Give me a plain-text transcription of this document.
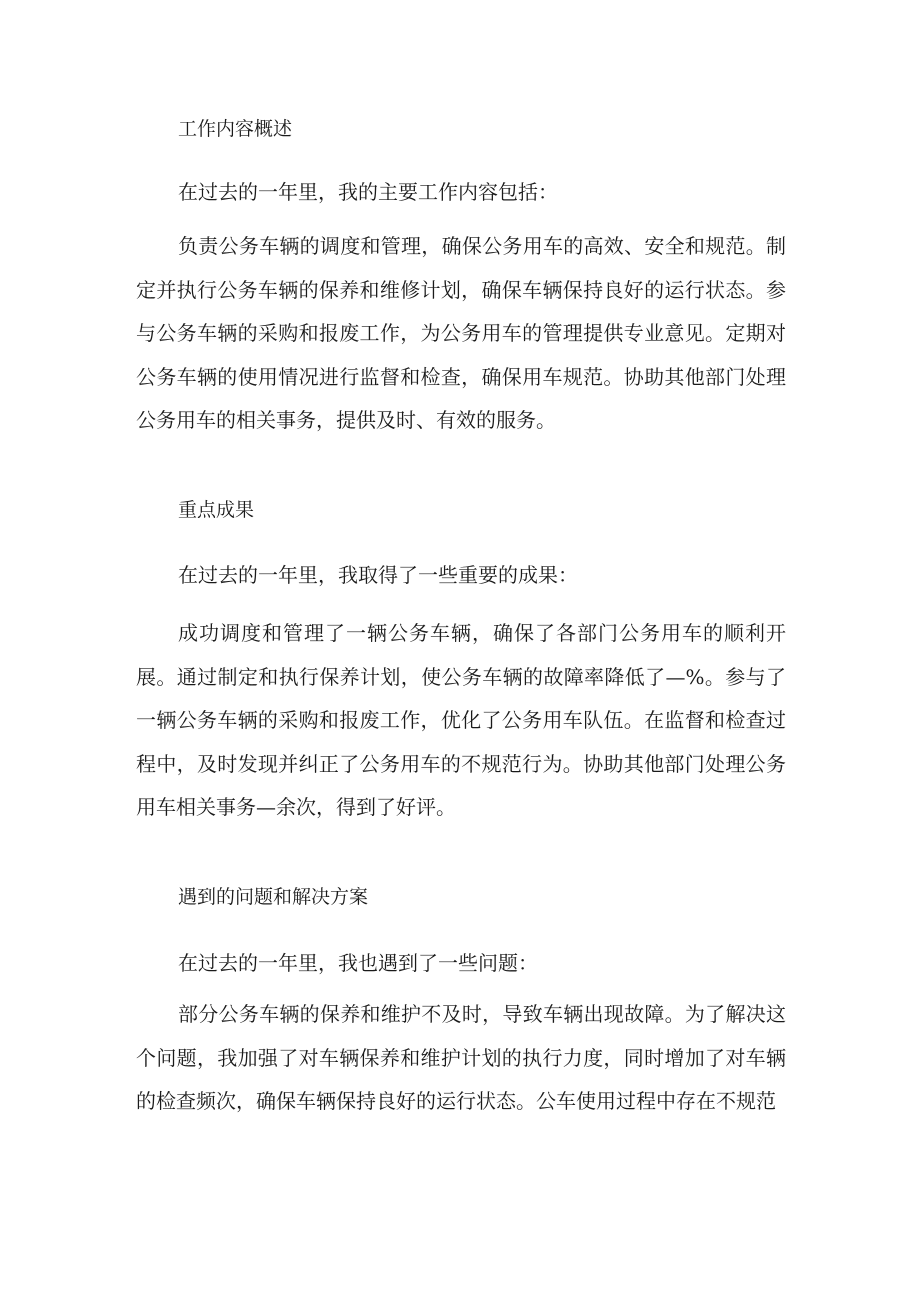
工作内容概述
在过去的一年里，我的主要工作内容包括：

负责公务车辆的调度和管理，确保公务用车的高效、安全和规范。制定并执行公务车辆的保养和维修计划，确保车辆保持良好的运行状态。参与公务车辆的采购和报废工作，为公务用车的管理提供专业意见。定期对公务车辆的使用情况进行监督和检查，确保用车规范。协助其他部门处理公务用车的相关事务，提供及时、有效的服务。

重点成果
在过去的一年里，我取得了一些重要的成果：

成功调度和管理了一辆公务车辆，确保了各部门公务用车的顺利开展。通过制定和执行保养计划，使公务车辆的故障率降低了—%。参与了一辆公务车辆的采购和报废工作，优化了公务用车队伍。在监督和检查过程中，及时发现并纠正了公务用车的不规范行为。协助其他部门处理公务用车相关事务—余次，得到了好评。

遇到的问题和解决方案
在过去的一年里，我也遇到了一些问题：

部分公务车辆的保养和维护不及时，导致车辆出现故障。为了解决这个问题，我加强了对车辆保养和维护计划的执行力度，同时增加了对车辆的检查频次，确保车辆保持良好的运行状态。公车使用过程中存在不规范
